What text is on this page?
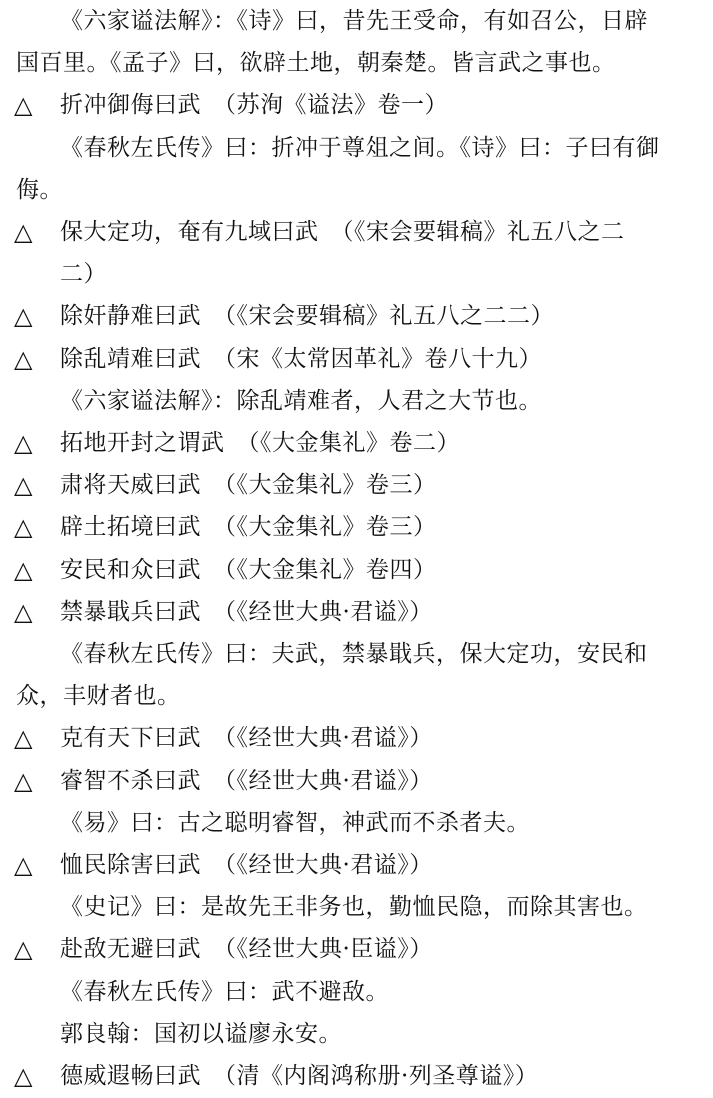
《六家谥法解》：《诗》曰，昔先王受命，有如召公，日辟
国百里。《孟子》曰，欲辟土地，朝秦楚。皆言武之事也。
△ 折冲御侮曰武　（苏洵《谥法》卷一）
《春秋左氏传》曰：折冲于尊俎之间。《诗》曰：子曰有御
侮。
△ 保大定功，奄有九域曰武　（《宋会要辑稿》礼五八之二
二）
△ 除奸静难曰武　（《宋会要辑稿》礼五八之二二）
△ 除乱靖难曰武　（宋《太常因革礼》卷八十九）
《六家谥法解》：除乱靖难者，人君之大节也。
△ 拓地开封之谓武　（《大金集礼》卷二）
△ 肃将天威曰武　（《大金集礼》卷三）
△ 辟土拓境曰武　（《大金集礼》卷三）
△ 安民和众曰武　（《大金集礼》卷四）
△ 禁暴戢兵曰武　（《经世大典·君谥》）
《春秋左氏传》曰：夫武，禁暴戢兵，保大定功，安民和
众，丰财者也。
△ 克有天下曰武　（《经世大典·君谥》）
△ 睿智不杀曰武　（《经世大典·君谥》）
《易》曰：古之聪明睿智，神武而不杀者夫。
△ 恤民除害曰武　（《经世大典·君谥》）
《史记》曰：是故先王非务也，勤恤民隐，而除其害也。
△ 赴敌无避曰武　（《经世大典·臣谥》）
《春秋左氏传》曰：武不避敌。
郭良翰：国初以谥廖永安。
△ 德威遐畅曰武　（清《内阁鸿称册·列圣尊谥》）
